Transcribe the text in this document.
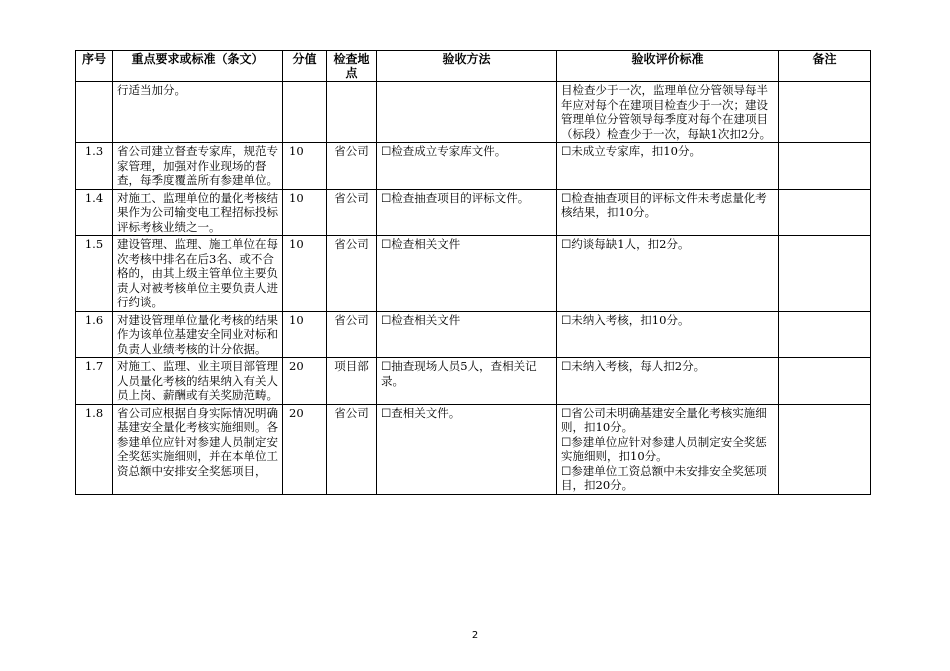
序号	重点要求或标准（条文）	分值	检查地点	验收方法	验收评价标准	备注
	行适当加分。				目检查少于一次，监理单位分管领导每半年应对每个在建项目检查少于一次；建设管理单位分管领导每季度对每个在建项目（标段）检查少于一次，每缺1次扣2分。	

1.3	省公司建立督查专家库，规范专家管理，加强对作业现场的督查，每季度覆盖所有参建单位。	10	省公司	☐检查成立专家库文件。	☐未成立专家库，扣10分。	

1.4	对施工、监理单位的量化考核结果作为公司输变电工程招标投标评标考核业绩之一。	10	省公司	☐检查抽查项目的评标文件。	☐检查抽查项目的评标文件未考虑量化考核结果，扣10分。	

1.5	建设管理、监理、施工单位在每次考核中排名在后3名、或不合格的，由其上级主管单位主要负责人对被考核单位主要负责人进行约谈。	10	省公司	☐检查相关文件	☐约谈每缺1人，扣2分。	

1.6	对建设管理单位量化考核的结果作为该单位基建安全同业对标和负责人业绩考核的计分依据。	10	省公司	☐检查相关文件	☐未纳入考核，扣10分。	

1.7	对施工、监理、业主项目部管理人员量化考核的结果纳入有关人员上岗、薪酬或有关奖励范畴。	20	项目部	☐抽查现场人员5人，查相关记录。	☐未纳入考核，每人扣2分。	

1.8	省公司应根据自身实际情况明确基建安全量化考核实施细则。各参建单位应针对参建人员制定安全奖惩实施细则，并在本单位工资总额中安排安全奖惩项目，	20	省公司	☐查相关文件。	☐省公司未明确基建安全量化考核实施细则，扣10分。
☐参建单位应针对参建人员制定安全奖惩实施细则，扣10分。
☐参建单位工资总额中未安排安全奖惩项目，扣20分。	

2
